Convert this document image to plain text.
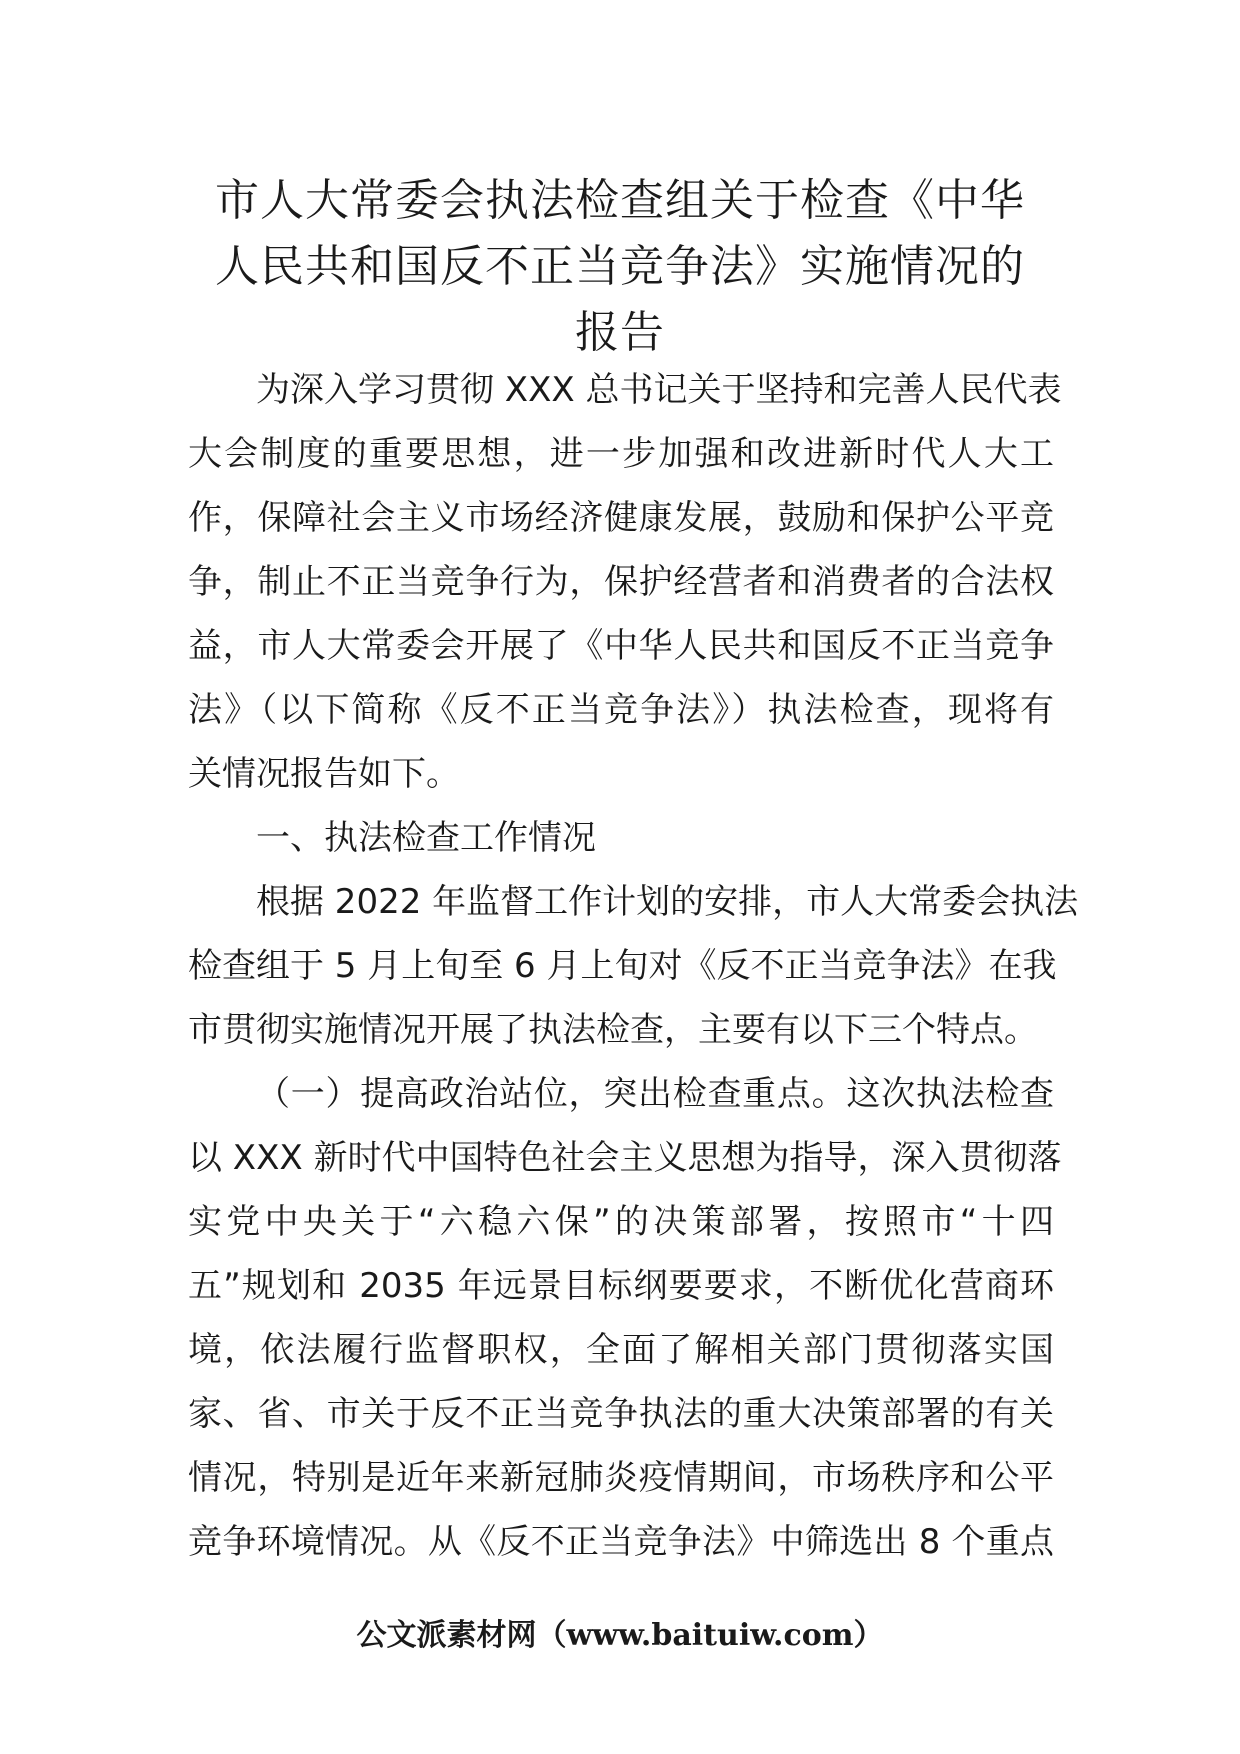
市人大常委会执法检查组关于检查《中华
人民共和国反不正当竞争法》实施情况的
报告
为深入学习贯彻 XXX 总书记关于坚持和完善人民代表
大会制度的重要思想，进一步加强和改进新时代人大工
作，保障社会主义市场经济健康发展，鼓励和保护公平竞
争，制止不正当竞争行为，保护经营者和消费者的合法权
益，市人大常委会开展了《中华人民共和国反不正当竞争
法》（以下简称《反不正当竞争法》）执法检查，现将有
关情况报告如下。
一、执法检查工作情况
根据 2022 年监督工作计划的安排，市人大常委会执法
检查组于 5 月上旬至 6 月上旬对《反不正当竞争法》在我
市贯彻实施情况开展了执法检查，主要有以下三个特点。
（一）提高政治站位，突出检查重点。这次执法检查
以 XXX 新时代中国特色社会主义思想为指导，深入贯彻落
实党中央关于“六稳六保”的决策部署，按照市“十四
五”规划和 2035 年远景目标纲要要求，不断优化营商环
境，依法履行监督职权，全面了解相关部门贯彻落实国
家、省、市关于反不正当竞争执法的重大决策部署的有关
情况，特别是近年来新冠肺炎疫情期间，市场秩序和公平
竞争环境情况。从《反不正当竞争法》中筛选出 8 个重点
公文派素材网（www.baituiw.com）
